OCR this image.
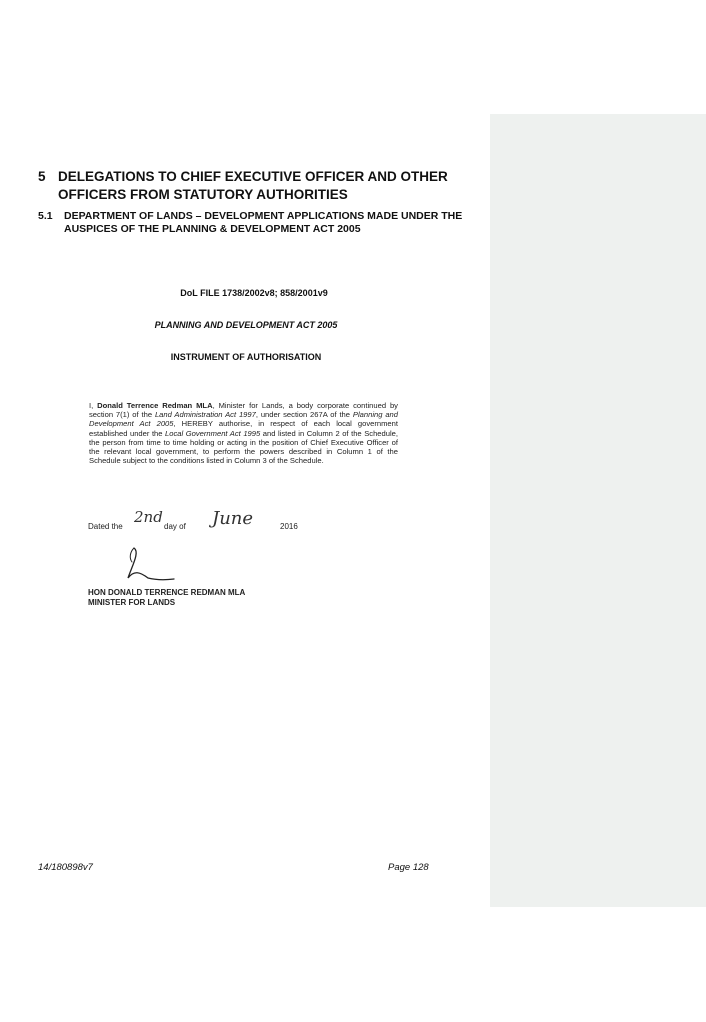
5 DELEGATIONS TO CHIEF EXECUTIVE OFFICER AND OTHER OFFICERS FROM STATUTORY AUTHORITIES
5.1 DEPARTMENT OF LANDS – DEVELOPMENT APPLICATIONS MADE UNDER THE AUSPICES OF THE PLANNING & DEVELOPMENT ACT 2005
DoL FILE 1738/2002v8; 858/2001v9
PLANNING AND DEVELOPMENT ACT 2005
INSTRUMENT OF AUTHORISATION
I, Donald Terrence Redman MLA, Minister for Lands, a body corporate continued by section 7(1) of the Land Administration Act 1997, under section 267A of the Planning and Development Act 2005, HEREBY authorise, in respect of each local government established under the Local Government Act 1995 and listed in Column 2 of the Schedule, the person from time to time holding or acting in the position of Chief Executive Officer of the relevant local government, to perform the powers described in Column 1 of the Schedule subject to the conditions listed in Column 3 of the Schedule.
Dated the
2nd
day of June	2016
HON DONALD TERRENCE REDMAN MLA
MINISTER FOR LANDS
14/180898v7	Page 128
